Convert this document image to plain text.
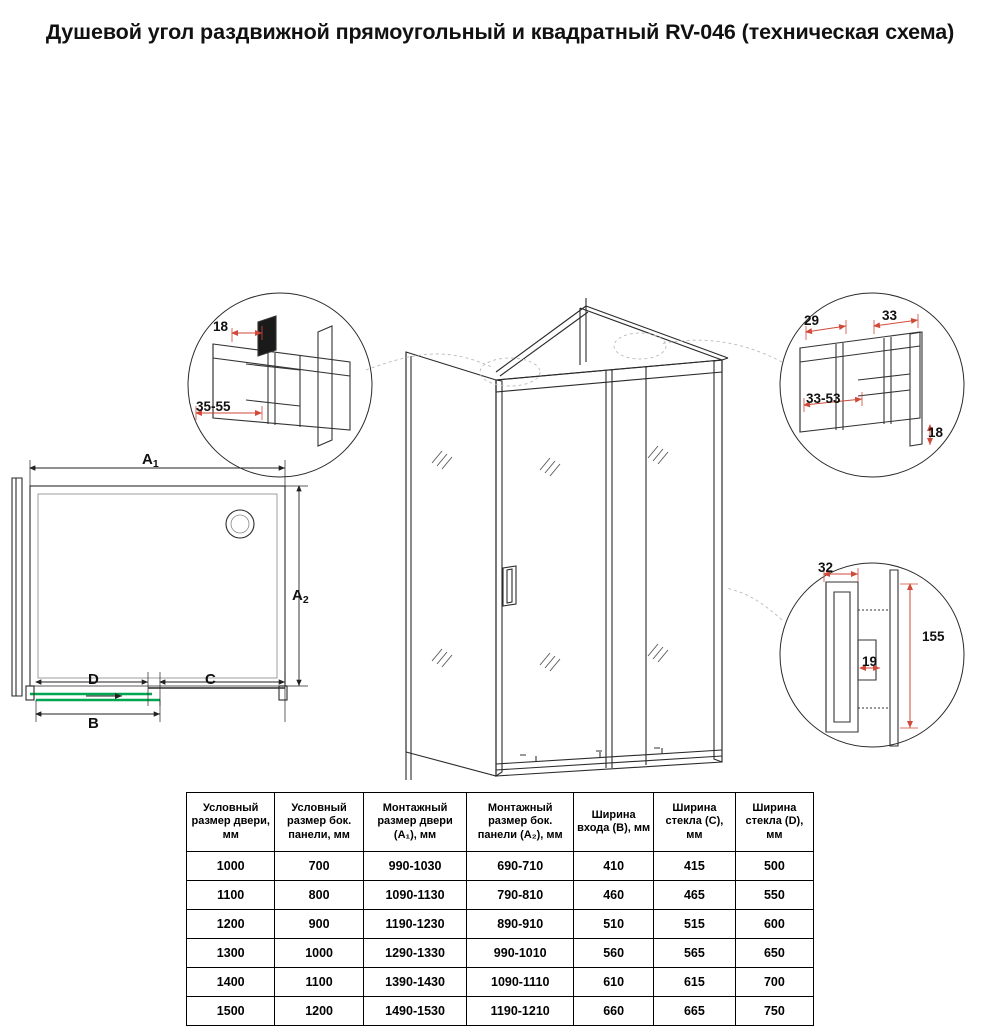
Душевой угол раздвижной прямоугольный и квадратный RV-046 (техническая схема)
18
35-55
29	33
33-53
18
32
155
19
$A_1$
$A_2$
D	C
B
Условный размер двери, мм	Условный размер бок. панели, мм	Монтажный размер двери (A₁), мм	Монтажный размер бок. панели (A₂), мм	Ширина входа (B), мм	Ширина стекла (C), мм	Ширина стекла (D), мм
1000	700	990-1030	690-710	410	415	500
1100	800	1090-1130	790-810	460	465	550
1200	900	1190-1230	890-910	510	515	600
1300	1000	1290-1330	990-1010	560	565	650
1400	1100	1390-1430	1090-1110	610	615	700
1500	1200	1490-1530	1190-1210	660	665	750
